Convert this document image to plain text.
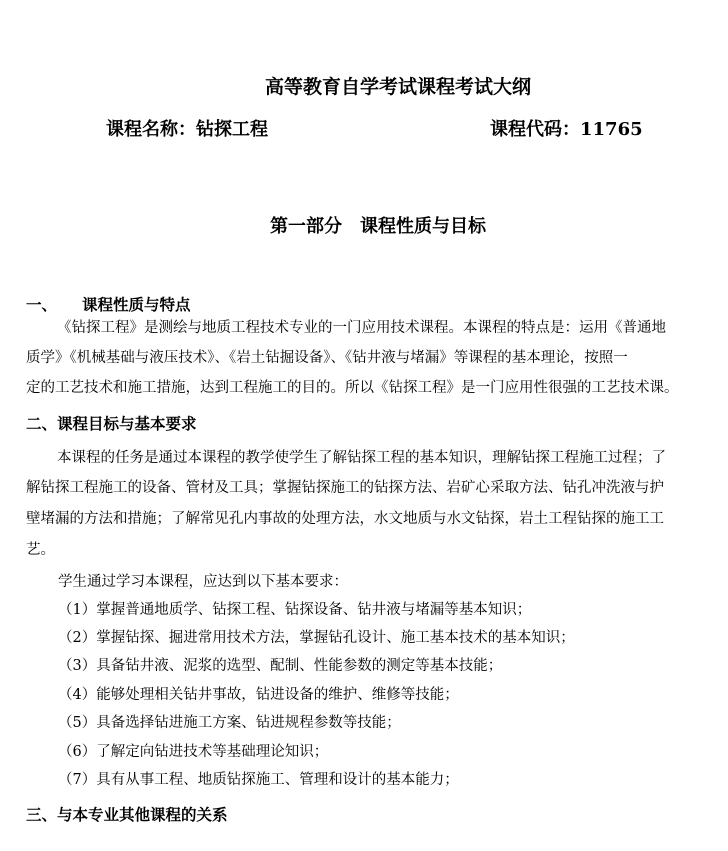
高等教育自学考试课程考试大纲
课程名称：钻探工程	课程代码：11765
第一部分　课程性质与目标
一、 课程性质与特点
《钻探工程》是测绘与地质工程技术专业的一门应用技术课程。本课程的特点是：运用《普通地
质学》《机械基础与液压技术》、《岩土钻掘设备》、《钻井液与堵漏》等课程的基本理论，按照一
定的工艺技术和施工措施，达到工程施工的目的。所以《钻探工程》是一门应用性很强的工艺技术课。
二、课程目标与基本要求
本课程的任务是通过本课程的教学使学生了解钻探工程的基本知识，理解钻探工程施工过程；了
解钻探工程施工的设备、管材及工具；掌握钻探施工的钻探方法、岩矿心采取方法、钻孔冲洗液与护
壁堵漏的方法和措施；了解常见孔内事故的处理方法，水文地质与水文钻探，岩土工程钻探的施工工
艺。
学生通过学习本课程，应达到以下基本要求：
（1）掌握普通地质学、钻探工程、钻探设备、钻井液与堵漏等基本知识；
（2）掌握钻探、掘进常用技术方法，掌握钻孔设计、施工基本技术的基本知识；
（3）具备钻井液、泥浆的选型、配制、性能参数的测定等基本技能；
（4）能够处理相关钻井事故，钻进设备的维护、维修等技能；
（5）具备选择钻进施工方案、钻进规程参数等技能；
（6）了解定向钻进技术等基础理论知识；
（7）具有从事工程、地质钻探施工、管理和设计的基本能力；
三、与本专业其他课程的关系
